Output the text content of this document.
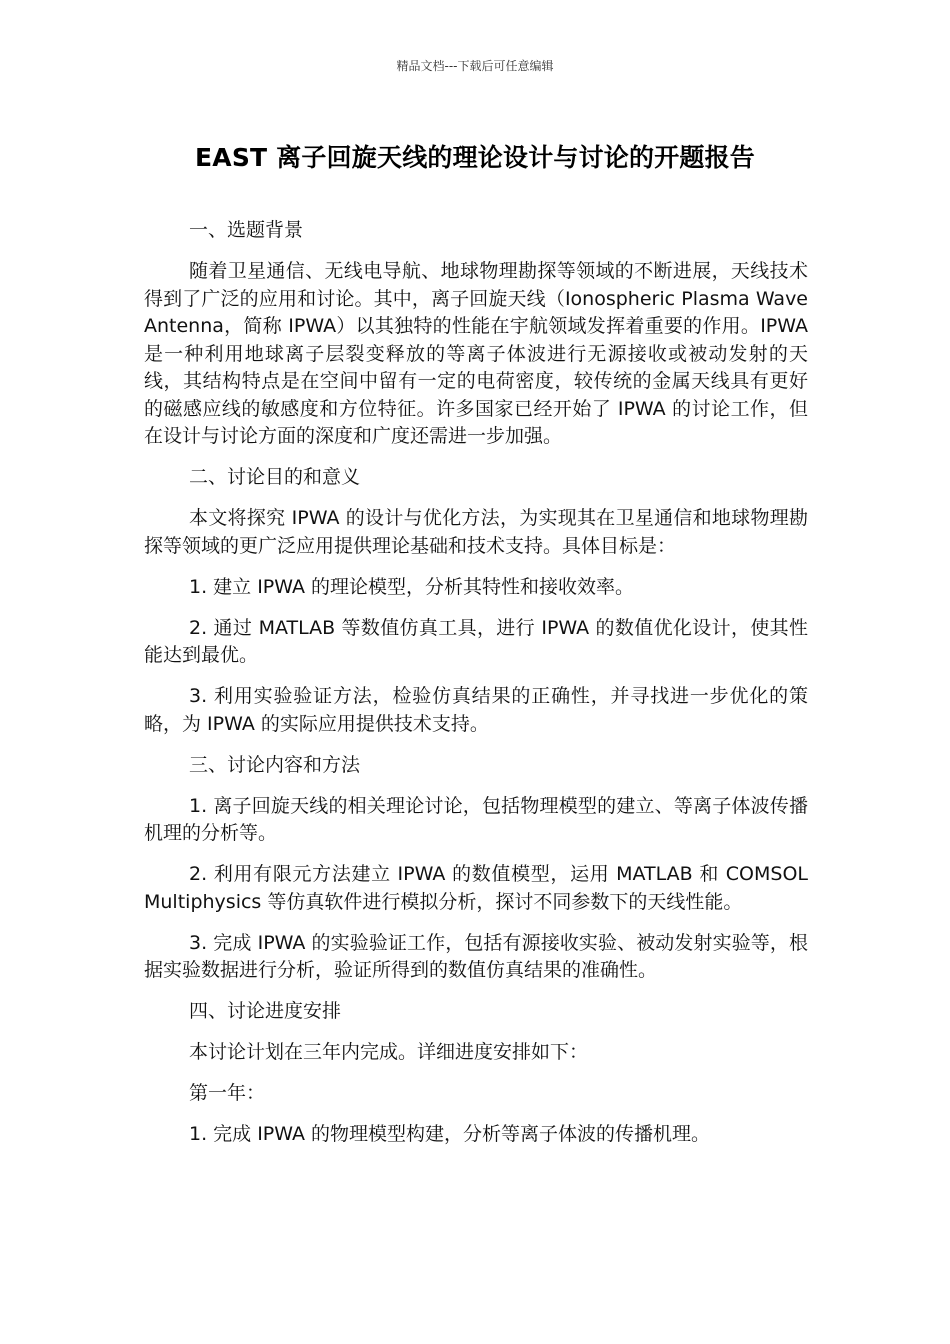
精品文档---下载后可任意编辑
EAST 离子回旋天线的理论设计与讨论的开题报告

一、选题背景

随着卫星通信、无线电导航、地球物理勘探等领域的不断进展，天线技术得到了广泛的应用和讨论。其中，离子回旋天线（Ionospheric Plasma Wave Antenna，简称 IPWA）以其独特的性能在宇航领域发挥着重要的作用。IPWA 是一种利用地球离子层裂变释放的等离子体波进行无源接收或被动发射的天线，其结构特点是在空间中留有一定的电荷密度，较传统的金属天线具有更好的磁感应线的敏感度和方位特征。许多国家已经开始了 IPWA 的讨论工作，但在设计与讨论方面的深度和广度还需进一步加强。

二、讨论目的和意义

本文将探究 IPWA 的设计与优化方法，为实现其在卫星通信和地球物理勘探等领域的更广泛应用提供理论基础和技术支持。具体目标是：

1. 建立 IPWA 的理论模型，分析其特性和接收效率。

2. 通过 MATLAB 等数值仿真工具，进行 IPWA 的数值优化设计，使其性能达到最优。

3. 利用实验验证方法，检验仿真结果的正确性，并寻找进一步优化的策略，为 IPWA 的实际应用提供技术支持。

三、讨论内容和方法

1. 离子回旋天线的相关理论讨论，包括物理模型的建立、等离子体波传播机理的分析等。

2. 利用有限元方法建立 IPWA 的数值模型，运用 MATLAB 和 COMSOL Multiphysics 等仿真软件进行模拟分析，探讨不同参数下的天线性能。

3. 完成 IPWA 的实验验证工作，包括有源接收实验、被动发射实验等，根据实验数据进行分析，验证所得到的数值仿真结果的准确性。

四、讨论进度安排

本讨论计划在三年内完成。详细进度安排如下：

第一年：

1. 完成 IPWA 的物理模型构建，分析等离子体波的传播机理。
